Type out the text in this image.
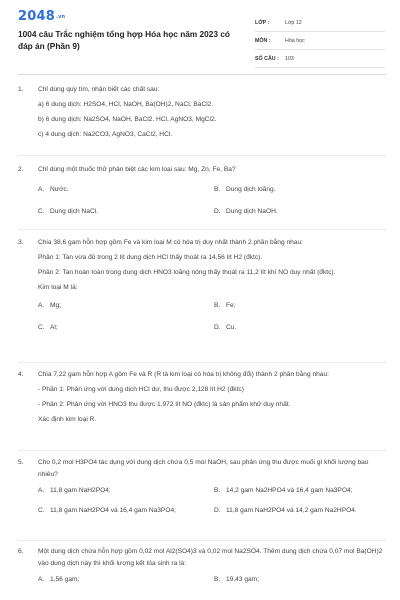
2048.vn
1004 câu Trắc nghiệm tổng hợp Hóa học năm 2023 có đáp án (Phần 9)
LỚP :	Lớp 12
MÔN :	Hóa học
SỐ CÂU :	103
1.	Chỉ dùng quỳ tím, nhận biết các chất sau:

a) 6 dung dịch: H2SO4, HCl, NaOH, Ba(OH)2, NaCl, BaCl2.
b) 6 dung dịch: Na2SO4, NaOH, BaCl2, HCl, AgNO3, MgCl2.
c) 4 dung dịch: Na2CO3, AgNO3, CaCl2, HCl.
2.	Chỉ dùng một thuốc thử phân biệt các kim loại sau: Mg, Zn, Fe, Ba?

A. Nước.	B. Dung dịch loãng.
C. Dung dịch NaCl.	D. Dung dịch NaOH.
3.	Chia 38,6 gam hỗn hợp gồm Fe và kim loại M có hóa trị duy nhất thành 2 phần bằng nhau:

Phần 1: Tan vừa đủ trong 2 lít dung dịch HCl thấy thoát ra 14,56 lít H2 (đktc).
Phần 2: Tan hoàn toàn trong dung dịch HNO3 loãng nóng thấy thoát ra 11,2 lít khí NO duy nhất (đktc).
Kim loại M là:
A. Mg;	B. Fe;
C. Al;	D. Cu.
4.	Chia 7,22 gam hỗn hợp A gồm Fe và R (R là kim loại có hóa trị không đổi) thành 2 phần bằng nhau:

- Phần 1: Phản ứng với dung dịch HCl dư, thu được 2,128 lít H2 (đktc)
- Phần 2: Phản ứng với HNO3 thu được 1,972 lít NO (đktc) là sản phẩm khử duy nhất.
Xác định kim loại R.
5.	Cho 0,2 mol H3PO4 tác dụng với dung dịch chứa 0,5 mol NaOH, sau phản ứng thu được muối gì khối lượng bao nhiêu?

A. 11,8 gam NaH2PO4;	B. 14,2 gam Na2HPO4 và 16,4 gam Na3PO4;
C. 11,8 gam NaH2PO4 và 16,4 gam Na3PO4;	D. 11,8 gam NaH2PO4 và 14,2 gam Na2HPO4.
6.	Một dung dịch chứa hỗn hợp gồm 0,02 mol Al2(SO4)3 và 0,02 mol Na2SO4. Thêm dung dịch chứa 0,07 mol Ba(OH)2 vào dung dịch này thì khối lượng kết tủa sinh ra là:

A. 1,56 gam;	B. 19,43 gam;
